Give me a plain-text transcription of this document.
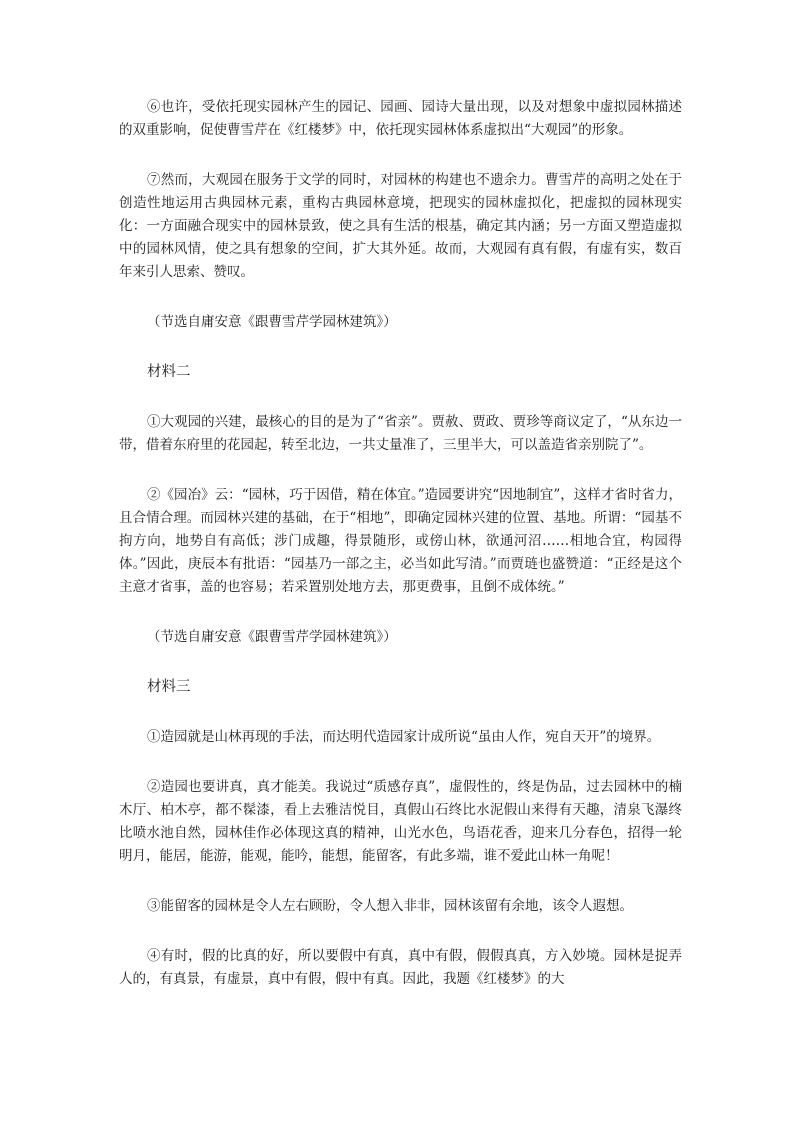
⑥也许，受依托现实园林产生的园记、园画、园诗大量出现，以及对想象中虚拟园林描述的双重影响，促使曹雪芹在《红楼梦》中，依托现实园林体系虚拟出“大观园”的形象。

⑦然而，大观园在服务于文学的同时，对园林的构建也不遗余力。曹雪芹的高明之处在于创造性地运用古典园林元素，重构古典园林意境，把现实的园林虚拟化，把虚拟的园林现实化：一方面融合现实中的园林景致，使之具有生活的根基，确定其内涵；另一方面又塑造虚拟中的园林风情，使之具有想象的空间，扩大其外延。故而，大观园有真有假，有虚有实，数百年来引人思索、赞叹。

（节选自庸安意《跟曹雪芹学园林建筑》）

材料二

①大观园的兴建，最核心的目的是为了“省亲”。贾赦、贾政、贾珍等商议定了，“从东边一带，借着东府里的花园起，转至北边，一共丈量准了，三里半大，可以盖造省亲别院了”。

②《园冶》云：“园林，巧于因借，精在体宜。”造园要讲究“因地制宜”，这样才省时省力，且合情合理。而园林兴建的基础，在于“相地”，即确定园林兴建的位置、基地。所谓：“园基不拘方向，地势自有高低；涉门成趣，得景随形，或傍山林，欲通河沼……相地合宜，构园得体。”因此，庚辰本有批语：“园基乃一部之主，必当如此写清。”而贾琏也盛赞道：“正经是这个主意才省事，盖的也容易；若采置别处地方去，那更费事，且倒不成体统。”

（节选自庸安意《跟曹雪芹学园林建筑》）

材料三

①造园就是山林再现的手法，而达明代造园家计成所说“虽由人作，宛自天开”的境界。

②造园也要讲真，真才能美。我说过“质感存真”，虚假性的，终是伪品，过去园林中的楠木厅、柏木亭，都不髹漆，看上去雅洁悦目，真假山石终比水泥假山来得有天趣，清泉飞瀑终比喷水池自然，园林佳作必体现这真的精神，山光水色，鸟语花香，迎来几分春色，招得一轮明月，能居，能游，能观，能吟，能想，能留客，有此多端，谁不爱此山林一角呢！

③能留客的园林是令人左右顾盼，令人想入非非，园林该留有余地，该令人遐想。

④有时，假的比真的好，所以要假中有真，真中有假，假假真真，方入妙境。园林是捉弄人的，有真景，有虚景，真中有假，假中有真。因此，我题《红楼梦》的大
